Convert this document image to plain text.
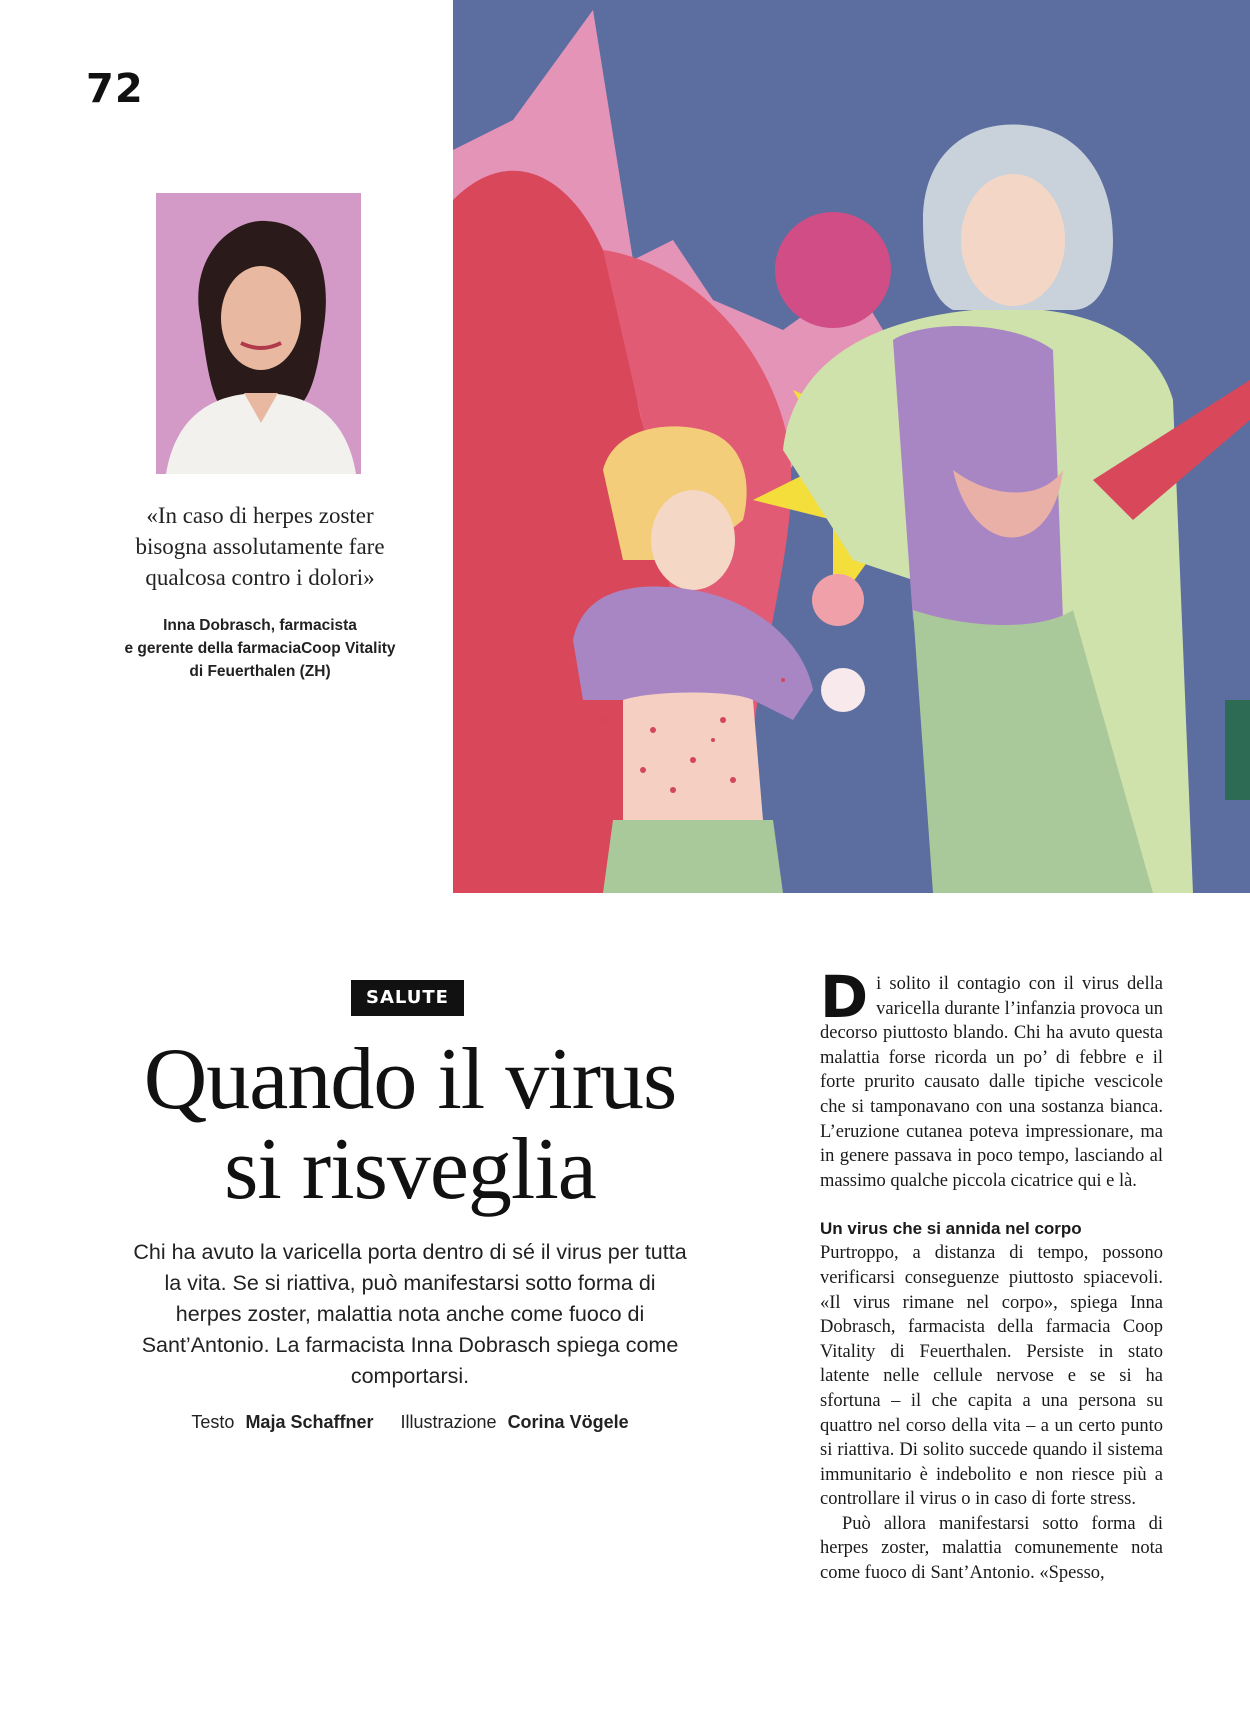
72
«In caso di herpes zoster
bisogna assolutamente fare
qualcosa contro i dolori»
Inna Dobrasch, farmacista
e gerente della farmaciaCoop Vitality
di Feuerthalen (ZH)
SALUTE
Quando il virus
si risveglia
Chi ha avuto la varicella porta dentro di sé il virus per tutta la vita. Se si riattiva, può manifestarsi sotto forma di herpes zoster, malattia nota anche come fuoco di Sant’Antonio. La farmacista Inna Dobrasch spiega come comportarsi.
Testo Maja Schaffner Illustrazione Corina Vögele

Di solito il contagio con il virus della varicella durante l’infanzia provoca un decorso piuttosto blando. Chi ha avuto questa malattia forse ricorda un po’ di febbre e il forte prurito causato dalle tipiche vescicole che si tamponavano con una sostanza bianca. L’eruzione cutanea poteva impressionare, ma in genere passava in poco tempo, lasciando al massimo qualche piccola cicatrice qui e là.

Un virus che si annida nel corpo

Purtroppo, a distanza di tempo, possono verificarsi conseguenze piuttosto spiacevoli. «Il virus rimane nel corpo», spiega Inna Dobrasch, farmacista della farmacia Coop Vitality di Feuerthalen. Persiste in stato latente nelle cellule nervose e se si ha sfortuna – il che capita a una persona su quattro nel corso della vita – a un certo punto si riattiva. Di solito succede quando il sistema immunitario è indebolito e non riesce più a controllare il virus o in caso di forte stress.

Può allora manifestarsi sotto forma di herpes zoster, malattia comunemente nota come fuoco di Sant’Antonio. «Spesso,
